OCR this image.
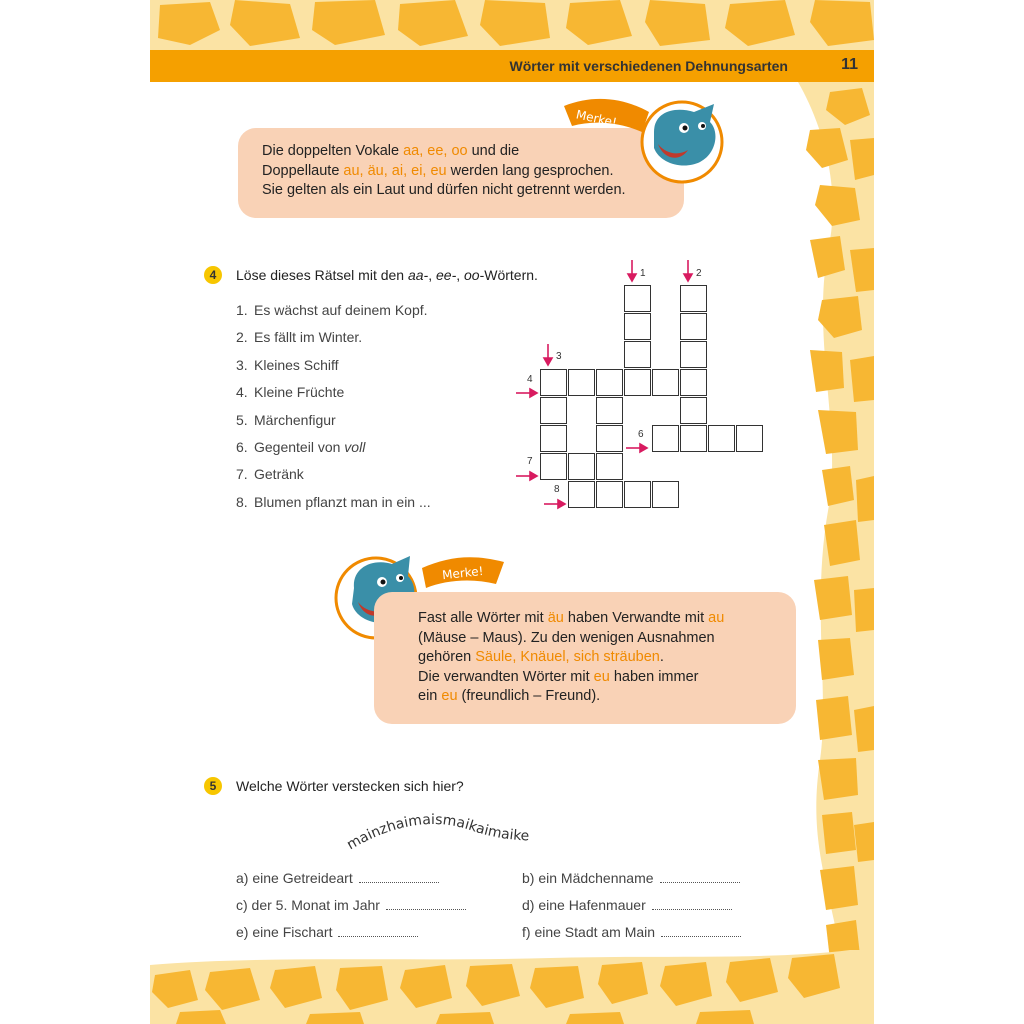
Wörter mit verschiedenen Dehnungsarten	11
Die doppelten Vokale aa, ee, oo und die
Doppellaute au, äu, ai, ei, eu werden lang gesprochen.
Sie gelten als ein Laut und dürfen nicht getrennt werden.
Merke!
4	Löse dieses Rätsel mit den aa-, ee-, oo-Wörtern.
1. Es wächst auf deinem Kopf.
2. Es fällt im Winter.
3. Kleines Schiff
4. Kleine Früchte
5. Märchenfigur
6. Gegenteil von voll
7. Getränk
8. Blumen pflanzt man in ein ...
1	2
3
4
6
7
8
Merke!
Fast alle Wörter mit äu haben Verwandte mit au
(Mäuse – Maus). Zu den wenigen Ausnahmen
gehören Säule, Knäuel, sich sträuben.
Die verwandten Wörter mit eu haben immer
ein eu (freundlich – Freund).
5	Welche Wörter verstecken sich hier?
mainzhaimaismaikaimaike
a) eine Getreideart	b) ein Mädchenname
c) der 5. Monat im Jahr	d) eine Hafenmauer
e) eine Fischart	f) eine Stadt am Main
